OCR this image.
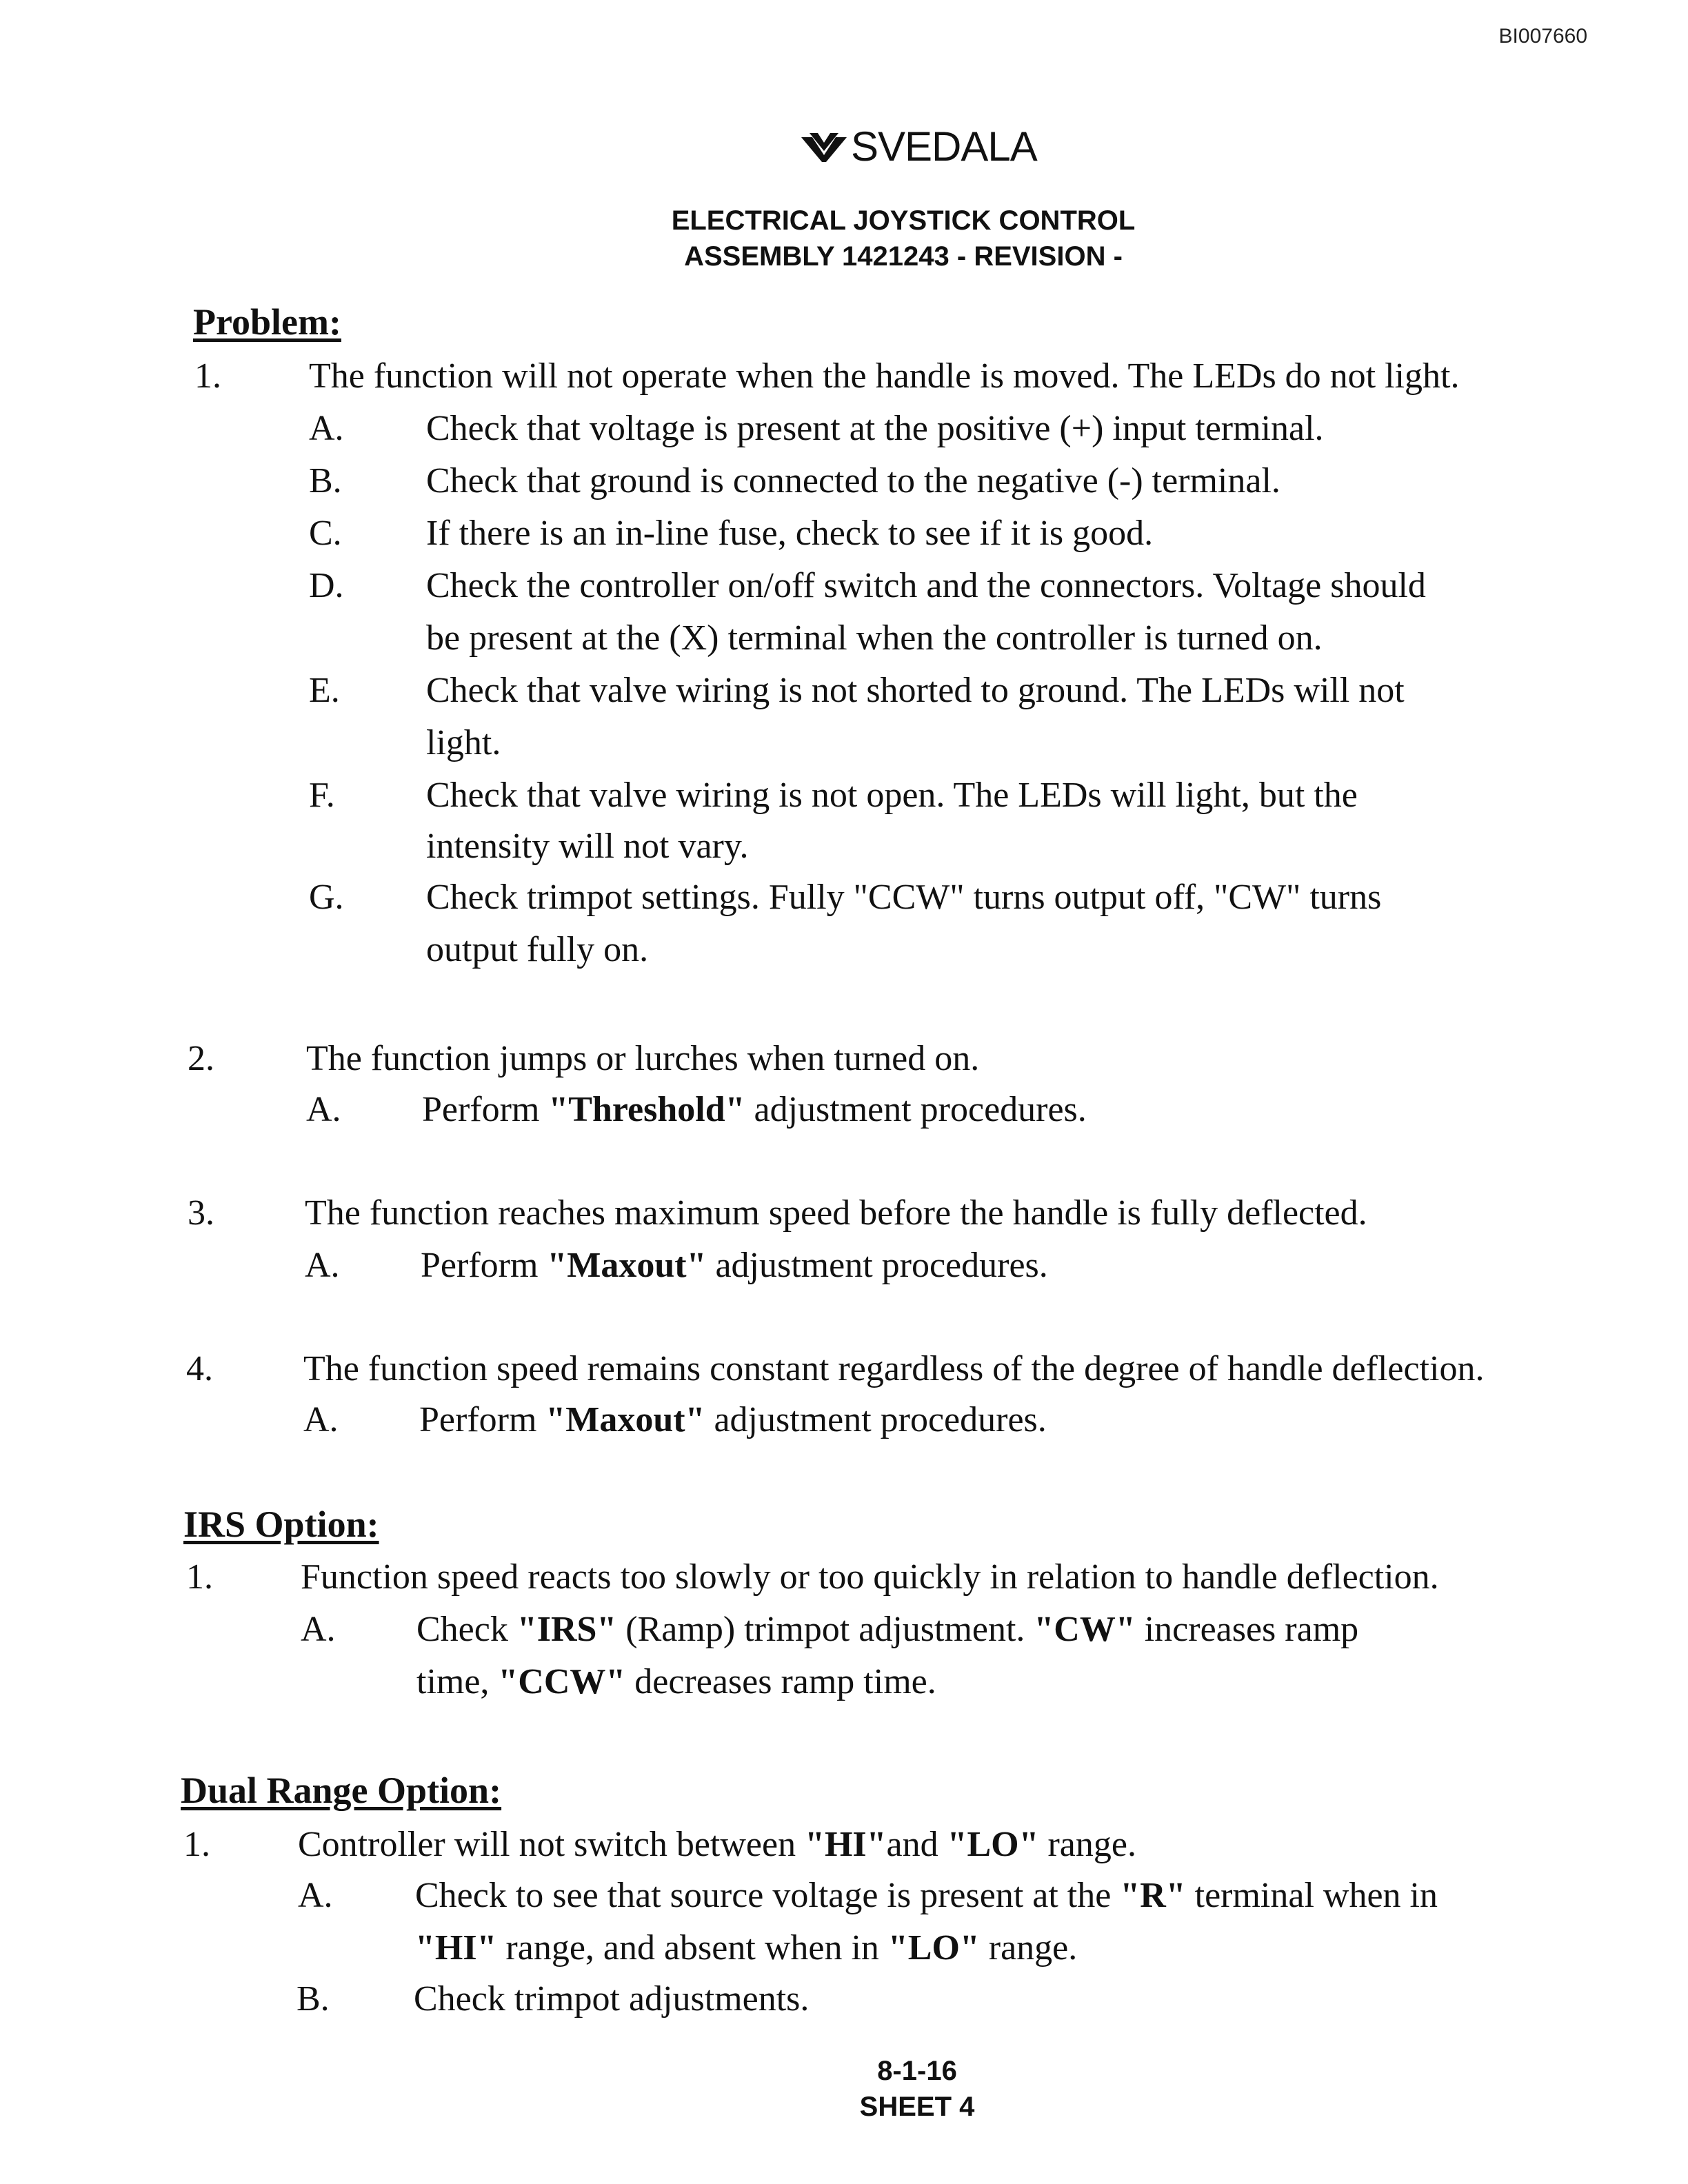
BI007660
SVEDALA
ELECTRICAL JOYSTICK CONTROL
ASSEMBLY 1421243 - REVISION -
Problem:
1. The function will not operate when the handle is moved. The LEDs do not light.
A. Check that voltage is present at the positive (+) input terminal.
B. Check that ground is connected to the negative (-) terminal.
C. If there is an in-line fuse, check to see if it is good.
D. Check the controller on/off switch and the connectors. Voltage should
be present at the (X) terminal when the controller is turned on.
E. Check that valve wiring is not shorted to ground. The LEDs will not
light.
F.	Check that valve wiring is not open. The LEDs will light, but the
intensity will not vary.
G. Check trimpot settings. Fully "CCW" turns output off, "CW" turns
output fully on.
2.	The function jumps or lurches when turned on.
A. Perform "Threshold" adjustment procedures.
3.	The function reaches maximum speed before the handle is fully deflected.
A. Perform "Maxout" adjustment procedures.
4.	The function speed remains constant regardless of the degree of handle deflection.
A. Perform "Maxout" adjustment procedures.
IRS Option:
1. Function speed reacts too slowly or too quickly in relation to handle deflection.
A. Check "IRS" (Ramp) trimpot adjustment. "CW" increases ramp
time, "CCW" decreases ramp time.
Dual Range Option:
1. Controller will not switch between "HI"and "LO" range.
A. Check to see that source voltage is present at the "R" terminal when in
"HI" range, and absent when in "LO" range.
B. Check trimpot adjustments.
8-1-16
SHEET 4
